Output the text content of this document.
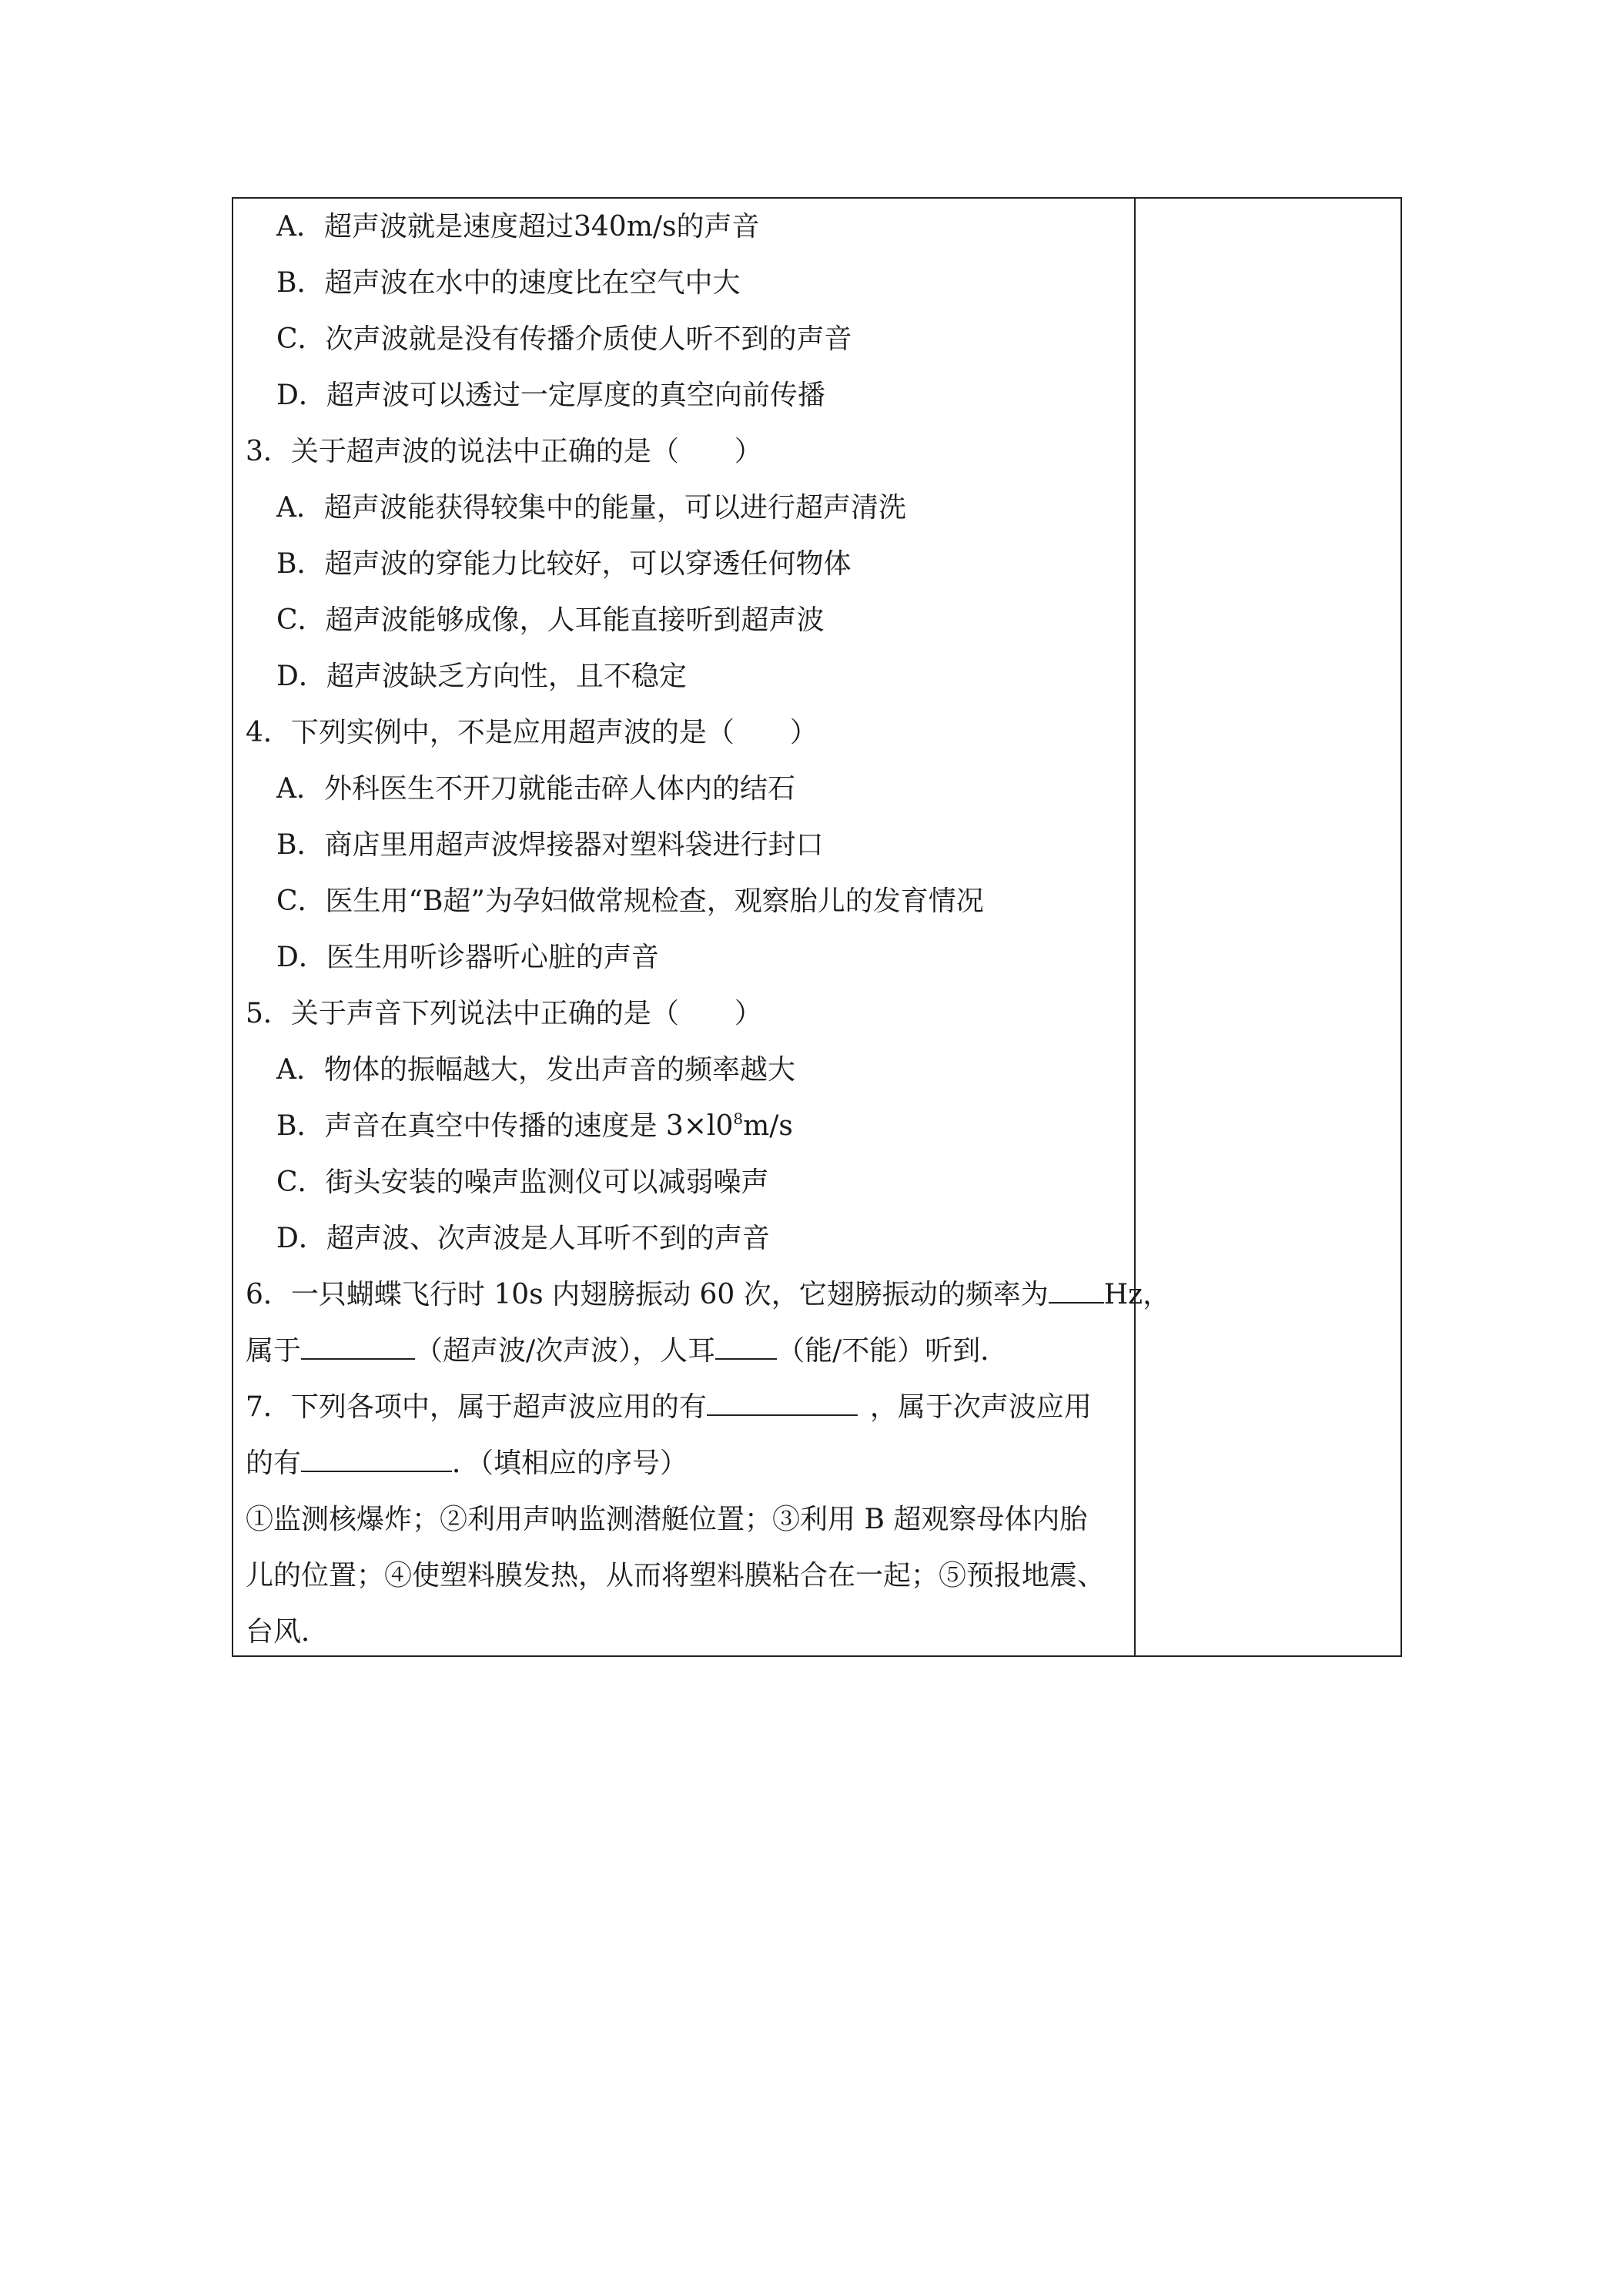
A．超声波就是速度超过340m/s的声音
B．超声波在水中的速度比在空气中大
C．次声波就是没有传播介质使人听不到的声音
D．超声波可以透过一定厚度的真空向前传播
3．关于超声波的说法中正确的是（　　）
A．超声波能获得较集中的能量，可以进行超声清洗
B．超声波的穿能力比较好，可以穿透任何物体
C．超声波能够成像，人耳能直接听到超声波
D．超声波缺乏方向性，且不稳定
4．下列实例中，不是应用超声波的是（　　）
A．外科医生不开刀就能击碎人体内的结石
B．商店里用超声波焊接器对塑料袋进行封口
C．医生用“B超”为孕妇做常规检查，观察胎儿的发育情况
D．医生用听诊器听心脏的声音
5．关于声音下列说法中正确的是（　　）
A．物体的振幅越大，发出声音的频率越大
B．声音在真空中传播的速度是 $3\times l0^8m/s$
C．街头安装的噪声监测仪可以减弱噪声
D．超声波、次声波是人耳听不到的声音
6．一只蝴蝶飞行时 10s 内翅膀振动 60 次，它翅膀振动的频率为 Hz，
属于	（超声波/次声波），人耳 （能/不能）听到．
7．下列各项中，属于超声波应用的有	，属于次声波应用
的有	．（填相应的序号）
①监测核爆炸；②利用声呐监测潜艇位置；③利用 B 超观察母体内胎
儿的位置；④使塑料膜发热，从而将塑料膜粘合在一起；⑤预报地震、
台风．
